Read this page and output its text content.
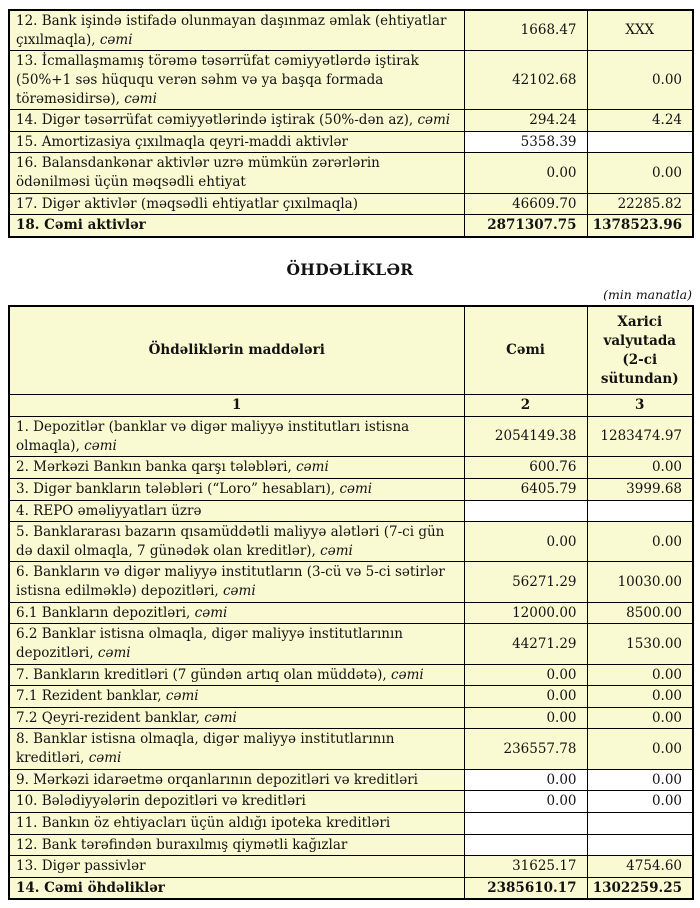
12. Bank işində istifadə olunmayan daşınmaz əmlak (ehtiyatlar çıxılmaqla), cəmi	1668.47	XXX
13. İcmallaşmamış törəmə təsərrüfat cəmiyyətlərdə iştirak (50%+1 səs hüququ verən səhm və ya başqa formada törəməsidirsə), cəmi	42102.68	0.00
14. Digər təsərrüfat cəmiyyətlərində iştirak (50%-dən az), cəmi	294.24	4.24
15. Amortizasiya çıxılmaqla qeyri-maddi aktivlər	5358.39	
16. Balansdankənar aktivlər uzrə mümkün zərərlərin ödənilməsi üçün məqsədli ehtiyat	0.00	0.00
17. Digər aktivlər (məqsədli ehtiyatlar çıxılmaqla)	46609.70	22285.82
18. Cəmi aktivlər	2871307.75	1378523.96
ÖHDƏLİKLƏR
(min manatla)
Öhdəliklərin maddələri	Cəmi	Xarici valyutada (2-ci sütundan)
1	2	3
1. Depozitlər (banklar və digər maliyyə institutları istisna olmaqla), cəmi	2054149.38	1283474.97
2. Mərkəzi Bankın banka qarşı tələbləri, cəmi	600.76	0.00
3. Digər bankların tələbləri (“Loro” hesabları), cəmi	6405.79	3999.68
4. REPO əməliyyatları üzrə		
5. Banklararası bazarın qısamüddətli maliyyə alətləri (7-ci gün də daxil olmaqla, 7 günədək olan kreditlər), cəmi	0.00	0.00
6. Bankların və digər maliyyə institutların (3-cü və 5-ci sətirlər istisna edilməklə) depozitləri, cəmi	56271.29	10030.00
6.1 Bankların depozitləri, cəmi	12000.00	8500.00
6.2 Banklar istisna olmaqla, digər maliyyə institutlarının depozitləri, cəmi	44271.29	1530.00
7. Bankların kreditləri (7 gündən artıq olan müddətə), cəmi	0.00	0.00
7.1 Rezident banklar, cəmi	0.00	0.00
7.2 Qeyri-rezident banklar, cəmi	0.00	0.00
8. Banklar istisna olmaqla, digər maliyyə institutlarının kreditləri, cəmi	236557.78	0.00
9. Mərkəzi idarəetmə orqanlarının depozitləri və kreditləri	0.00	0.00
10. Bələdiyyələrin depozitləri və kreditləri	0.00	0.00
11. Bankın öz ehtiyacları üçün aldığı ipoteka kreditləri		
12. Bank tərəfindən buraxılmış qiymətli kağızlar		
13. Digər passivlər	31625.17	4754.60
14. Cəmi öhdəliklər	2385610.17	1302259.25
